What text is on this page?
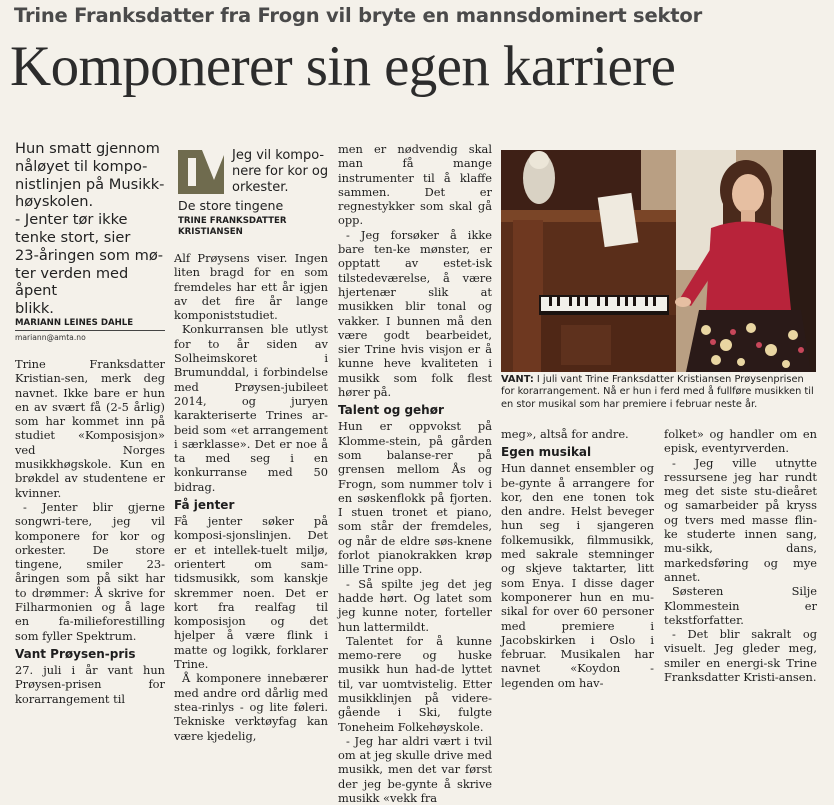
Trine Franksdatter fra Frogn vil bryte en mannsdominert sektor
Komponerer sin egen karriere
Hun smatt gjennom
nåløyet til kompo-
nistlinjen på Musikk-
høyskolen.
- Jenter tør ikke
tenke stort, sier
23-åringen som mø-
ter verden med åpent
blikk.
MARIANN LEINES DAHLE
mariann@amta.no

Trine Franksdatter Kristian-sen, merk deg navnet. Ikke bare er hun en av svært få (2-5 årlig) som har kommet inn på studiet «Komposisjon» ved Norges musikkhøgskole. Kun en brøkdel av studentene er kvinner.

- Jenter blir gjerne songwri-tere, jeg vil komponere for kor og orkester. De store tingene, smiler 23-åringen som på sikt har to drømmer: Å skrive for Filharmonien og å lage en fa-milieforestilling som fyller Spektrum.

Vant Prøysen-pris

27. juli i år vant hun Prøysen-prisen for korarrangement til

Jeg vil kompo-nere for kor og orkester.
De store tingene
TRINE FRANKSDATTER KRISTIANSEN

Alf Prøysens viser. Ingen liten bragd for en som fremdeles har ett år igjen av det fire år lange komponiststudiet.

Konkurransen ble utlyst for to år siden av Solheimskoret i Brumunddal, i forbindelse med Prøysen-jubileet 2014, og juryen karakteriserte Trines ar-beid som «et arrangement i særklasse». Det er noe å ta med seg i en konkurranse med 50 bidrag.

Få jenter

Få jenter søker på komposi-sjonslinjen. Det er et intellek-tuelt miljø, orientert om sam-tidsmusikk, som kanskje skremmer noen. Det er kort fra realfag til komposisjon og det hjelper å være flink i matte og logikk, forklarer Trine.

Å komponere innebærer med andre ord dårlig med stea-rinlys - og lite føleri. Tekniske verktøyfag kan være kjedelig,

men er nødvendig skal man få mange instrumenter til å klaffe sammen. Det er regnestykker som skal gå opp.

- Jeg forsøker å ikke bare ten-ke mønster, er opptatt av estet-isk tilstedeværelse, å være hjertenær slik at musikken blir tonal og vakker. I bunnen må den være godt bearbeidet, sier Trine hvis visjon er å kunne heve kvaliteten i musikk som folk flest hører på.

Talent og gehør

Hun er oppvokst på Klomme-stein, på gården som balanse-rer på grensen mellom Ås og Frogn, som nummer tolv i en søskenflokk på fjorten. I stuen tronet et piano, som står der fremdeles, og når de eldre søs-knene forlot pianokrakken krøp lille Trine opp.

- Så spilte jeg det jeg hadde hørt. Og latet som jeg kunne noter, forteller hun lattermildt.

Talentet for å kunne memo-rere og huske musikk hun had-de lyttet til, var uomtvistelig. Etter musikklinjen på videre-gående i Ski, fulgte Toneheim Folkehøyskole.

- Jeg har aldri vært i tvil om at jeg skulle drive med musikk, men det var først der jeg be-gynte å skrive musikk «vekk fra

VANT: I juli vant Trine Franksdatter Kristiansen Prøysenprisen for korarrangement. Nå er hun i ferd med å fullføre musikken til en stor musikal som har premiere i februar neste år.

meg», altså for andre.

Egen musikal

Hun dannet ensembler og be-gynte å arrangere for kor, den ene tonen tok den andre. Helst beveger hun seg i sjangeren folkemusikk, filmmusikk, med sakrale stemninger og skjeve taktarter, litt som Enya. I disse dager komponerer hun en mu-sikal for over 60 personer med premiere i Jacobskirken i Oslo i februar. Musikalen har navnet «Koydon - legenden om hav-

folket» og handler om en episk, eventyrverden.

- Jeg ville utnytte ressursene jeg har rundt meg det siste stu-dieåret og samarbeider på kryss og tvers med masse flin-ke studerte innen sang, mu-sikk, dans, markedsføring og mye annet.

Søsteren Silje Klommestein er tekstforfatter.

- Det blir sakralt og visuelt. Jeg gleder meg, smiler en energi-sk Trine Franksdatter Kristi-ansen.
